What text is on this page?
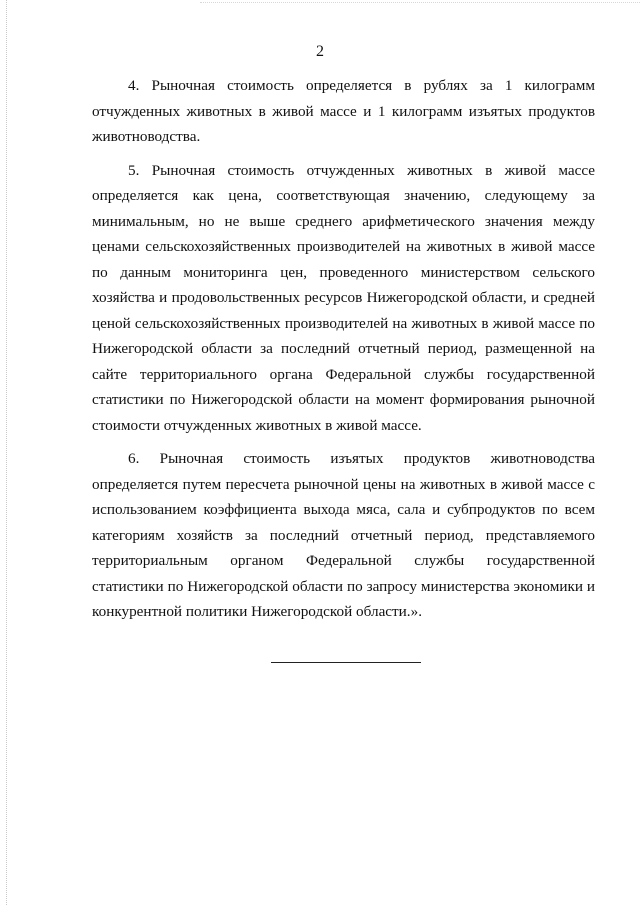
2

4. Рыночная стоимость определяется в рублях за 1 килограмм отчужденных животных в живой массе и 1 килограмм изъятых продуктов животноводства.

5. Рыночная стоимость отчужденных животных в живой массе определяется как цена, соответствующая значению, следующему за минимальным, но не выше среднего арифметического значения между ценами сельскохозяйственных производителей на животных в живой массе по данным мониторинга цен, проведенного министерством сельского хозяйства и продовольственных ресурсов Нижегородской области, и средней ценой сельскохозяйственных производителей на животных в живой массе по Нижегородской области за последний отчетный период, размещенной на сайте территориального органа Федеральной службы государственной статистики по Нижегородской области на момент формирования рыночной стоимости отчужденных животных в живой массе.

6. Рыночная стоимость изъятых продуктов животноводства определяется путем пересчета рыночной цены на животных в живой массе с использованием коэффициента выхода мяса, сала и субпродуктов по всем категориям хозяйств за последний отчетный период, представляемого территориальным органом Федеральной службы государственной статистики по Нижегородской области по запросу министерства экономики и конкурентной политики Нижегородской области.».
